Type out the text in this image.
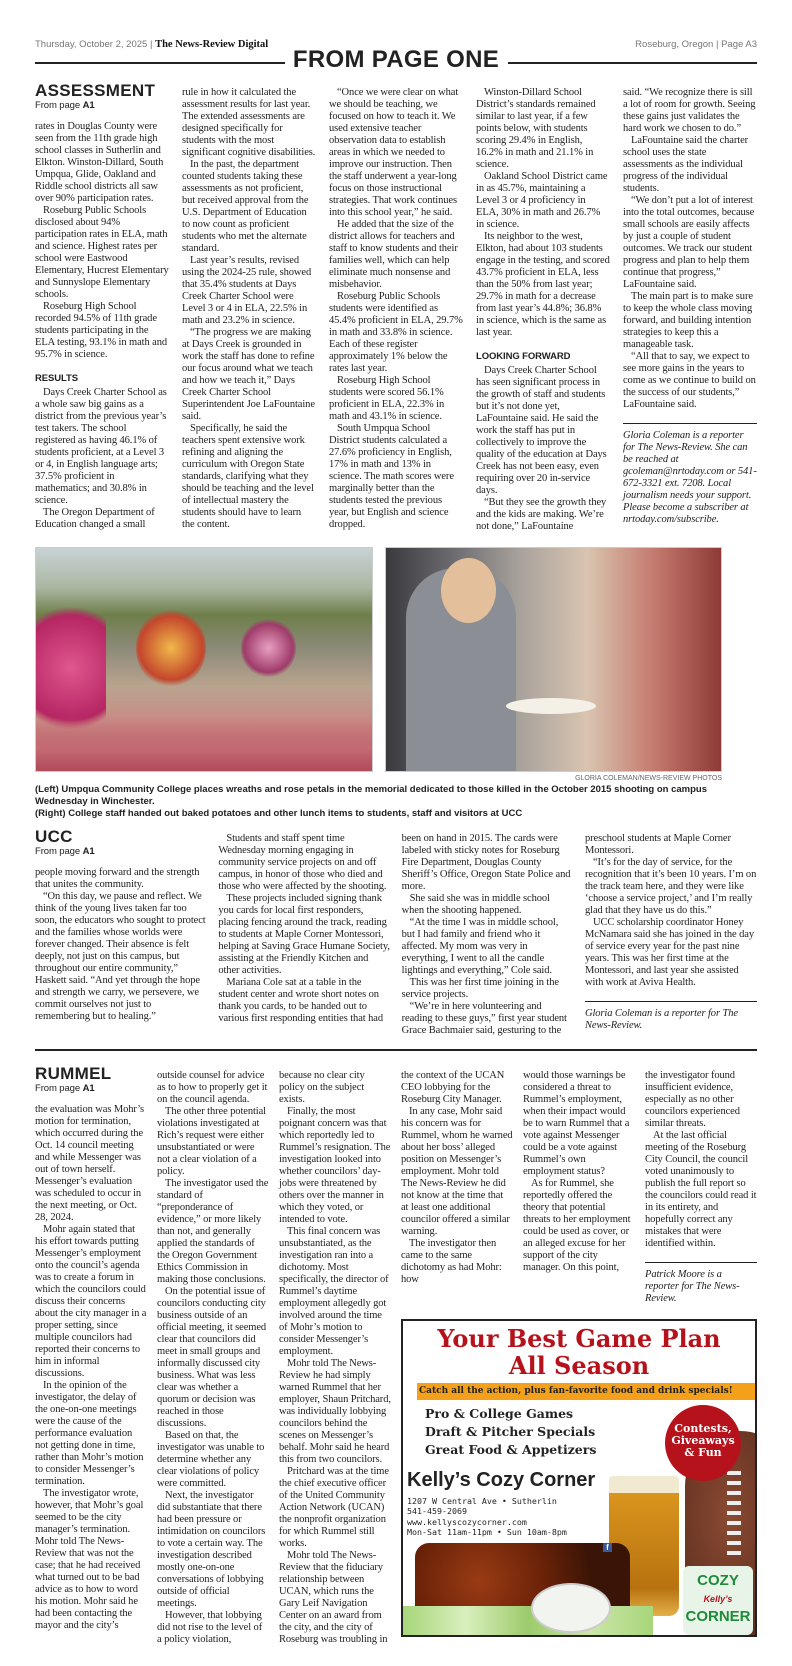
Thursday, October 2, 2025 | The News-Review Digital	Roseburg, Oregon | Page A3
FROM PAGE ONE
ASSESSMENT
From page A1

rates in Douglas County were seen from the 11th grade high school classes in Sutherlin and Elkton. Winston-Dillard, South Umpqua, Glide, Oakland and Riddle school districts all saw over 90% participation rates.

Roseburg Public Schools disclosed about 94% participation rates in ELA, math and science. Highest rates per school were Eastwood Elementary, Hucrest Elementary and Sunnyslope Elementary schools.

Roseburg High School recorded 94.5% of 11th grade students participating in the ELA testing, 93.1% in math and 95.7% in science.

RESULTS

Days Creek Charter School as a whole saw big gains as a district from the previous year’s test takers. The school registered as having 46.1% of students proficient, at a Level 3 or 4, in English language arts; 37.5% proficient in mathematics; and 30.8% in science.

The Oregon Department of Education changed a small

rule in how it calculated the assessment results for last year. The extended assessments are designed specifically for students with the most significant cognitive disabilities.

In the past, the department counted students taking these assessments as not proficient, but received approval from the U.S. Department of Education to now count as proficient students who met the alternate standard.

Last year’s results, revised using the 2024-25 rule, showed that 35.4% students at Days Creek Charter School were Level 3 or 4 in ELA, 22.5% in math and 23.2% in science.

“The progress we are making at Days Creek is grounded in work the staff has done to refine our focus around what we teach and how we teach it,” Days Creek Charter School Superintendent Joe LaFountaine said.

Specifically, he said the teachers spent extensive work refining and aligning the curriculum with Oregon State standards, clarifying what they should be teaching and the level of intellectual mastery the students should have to learn the content.

“Once we were clear on what we should be teaching, we focused on how to teach it. We used extensive teacher observation data to establish areas in which we needed to improve our instruction. Then the staff underwent a year-long focus on those instructional strategies. That work continues into this school year,” he said.

He added that the size of the district allows for teachers and staff to know students and their families well, which can help eliminate much nonsense and misbehavior.

Roseburg Public Schools students were identified as 45.4% proficient in ELA, 29.7% in math and 33.8% in science. Each of these register approximately 1% below the rates last year.

Roseburg High School students were scored 56.1% proficient in ELA, 22.3% in math and 43.1% in science.

South Umpqua School District students calculated a 27.6% proficiency in English, 17% in math and 13% in science. The math scores were marginally better than the students tested the previous year, but English and science dropped.

Winston-Dillard School District’s standards remained similar to last year, if a few points below, with students scoring 29.4% in English, 16.2% in math and 21.1% in science.

Oakland School District came in as 45.7%, maintaining a Level 3 or 4 proficiency in ELA, 30% in math and 26.7% in science.

Its neighbor to the west, Elkton, had about 103 students engage in the testing, and scored 43.7% proficient in ELA, less than the 50% from last year; 29.7% in math for a decrease from last year’s 44.8%; 36.8% in science, which is the same as last year.

LOOKING FORWARD

Days Creek Charter School has seen significant process in the growth of staff and students but it’s not done yet, LaFountaine said. He said the work the staff has put in collectively to improve the quality of the education at Days Creek has not been easy, even requiring over 20 in-service days.

“But they see the growth they and the kids are making. We’re not done,” LaFountaine

said. “We recognize there is sill a lot of room for growth. Seeing these gains just validates the hard work we chosen to do.”

LaFountaine said the charter school uses the state assessments as the individual progress of the individual students.

“We don’t put a lot of interest into the total outcomes, because small schools are easily affects by just a couple of student outcomes. We track our student progress and plan to help them continue that progress,” LaFountaine said.

The main part is to make sure to keep the whole class moving forward, and building intention strategies to keep this a manageable task.

“All that to say, we expect to see more gains in the years to come as we continue to build on the success of our students,” LaFountaine said.

Gloria Coleman is a reporter for The News-Review. She can be reached at gcoleman@nrtoday.com or 541-672-3321 ext. 7208. Local journalism needs your support. Please become a subscriber at nrtoday.com/subscribe.
GLORIA COLEMAN/NEWS-REVIEW PHOTOS
(Left) Umpqua Community College places wreaths and rose petals in the memorial dedicated to those killed in the October 2015 shooting on campus Wednesday in Winchester.
(Right) College staff handed out baked potatoes and other lunch items to students, staff and visitors at UCC
UCC
From page A1

people moving forward and the strength that unites the community.

“On this day, we pause and reflect. We think of the young lives taken far too soon, the educators who sought to protect and the families whose worlds were forever changed. Their absence is felt deeply, not just on this campus, but throughout our entire community,” Haskett said. “And yet through the hope and strength we carry, we persevere, we commit ourselves not just to remembering but to healing.”

Students and staff spent time Wednesday morning engaging in community service projects on and off campus, in honor of those who died and those who were affected by the shooting.

These projects included signing thank you cards for local first responders, placing fencing around the track, reading to students at Maple Corner Montessori, helping at Saving Grace Humane Society, assisting at the Friendly Kitchen and other activities.

Mariana Cole sat at a table in the student center and wrote short notes on thank you cards, to be handed out to various first responding entities that had

been on hand in 2015. The cards were labeled with sticky notes for Roseburg Fire Department, Douglas County Sheriff’s Office, Oregon State Police and more.

She said she was in middle school when the shooting happened.

“At the time I was in middle school, but I had family and friend who it affected. My mom was very in everything, I went to all the candle lightings and everything,” Cole said.

This was her first time joining in the service projects.

“We’re in here volunteering and reading to these guys,” first year student Grace Bachmaier said, gesturing to the

preschool students at Maple Corner Montessori.

“It’s for the day of service, for the recognition that it’s been 10 years. I’m on the track team here, and they were like ‘choose a service project,’ and I’m really glad that they have us do this.”

UCC scholarship coordinator Honey McNamara said she has joined in the day of service every year for the past nine years. This was her first time at the Montessori, and last year she assisted with work at Aviva Health.

Gloria Coleman is a reporter for The News-Review.
RUMMEL
From page A1

the evaluation was Mohr’s motion for termination, which occurred during the Oct. 14 council meeting and while Messenger was out of town herself. Messenger’s evaluation was scheduled to occur in the next meeting, or Oct. 28, 2024.

Mohr again stated that his effort towards putting Messenger’s employment onto the council’s agenda was to create a forum in which the councilors could discuss their concerns about the city manager in a proper setting, since multiple councilors had reported their concerns to him in informal discussions.

In the opinion of the investigator, the delay of the one-on-one meetings were the cause of the performance evaluation not getting done in time, rather than Mohr’s motion to consider Messenger’s termination.

The investigator wrote, however, that Mohr’s goal seemed to be the city manager’s termination. Mohr told The News-Review that was not the case; that he had received what turned out to be bad advice as to how to word his motion. Mohr said he had been contacting the mayor and the city’s

outside counsel for advice as to how to properly get it on the council agenda.

The other three potential violations investigated at Rich’s request were either unsubstantiated or were not a clear violation of a policy.

The investigator used the standard of “preponderance of evidence,” or more likely than not, and generally applied the standards of the Oregon Government Ethics Commission in making those conclusions.

On the potential issue of councilors conducting city business outside of an official meeting, it seemed clear that councilors did meet in small groups and informally discussed city business. What was less clear was whether a quorum or decision was reached in those discussions.

Based on that, the investigator was unable to determine whether any clear violations of policy were committed.

Next, the investigator did substantiate that there had been pressure or intimidation on councilors to vote a certain way. The investigation described mostly one-on-one conversations of lobbying outside of official meetings.

However, that lobbying did not rise to the level of a policy violation,

because no clear city policy on the subject exists.

Finally, the most poignant concern was that which reportedly led to Rummel’s resignation. The investigation looked into whether councilors’ day-jobs were threatened by others over the manner in which they voted, or intended to vote.

This final concern was unsubstantiated, as the investigation ran into a dichotomy. Most specifically, the director of Rummel’s daytime employment allegedly got involved around the time of Mohr’s motion to consider Messenger’s employment.

Mohr told The News-Review he had simply warned Rummel that her employer, Shaun Pritchard, was individually lobbying councilors behind the scenes on Messenger’s behalf. Mohr said he heard this from two councilors.

Pritchard was at the time the chief executive officer of the United Community Action Network (UCAN) the nonprofit organization for which Rummel still works.

Mohr told The News-Review that the fiduciary relationship between UCAN, which runs the Gary Leif Navigation Center on an award from the city, and the city of Roseburg was troubling in

the context of the UCAN CEO lobbying for the Roseburg City Manager.

In any case, Mohr said his concern was for Rummel, whom he warned about her boss’ alleged position on Messenger’s employment. Mohr told The News-Review he did not know at the time that at least one additional councilor offered a similar warning.

The investigator then came to the same dichotomy as had Mohr: how

would those warnings be considered a threat to Rummel’s employment, when their impact would be to warn Rummel that a vote against Messenger could be a vote against Rummel’s own employment status?

As for Rummel, she reportedly offered the theory that potential threats to her employment could be used as cover, or an alleged excuse for her support of the city manager. On this point,

the investigator found insufficient evidence, especially as no other councilors experienced similar threats.

At the last official meeting of the Roseburg City Council, the council voted unanimously to publish the full report so the councilors could read it in its entirety, and hopefully correct any mistakes that were identified within.

Patrick Moore is a reporter for The News-Review.
Your Best Game Plan
All Season
Catch all the action, plus fan-favorite food and drink specials!
Pro & College Games
Draft & Pitcher Specials
Great Food & Appetizers
Contests,
Giveaways
& Fun
Kelly’s Cozy Corner
1207 W Central Ave • Sutherlin
541-459-2069
www.kellyscozycorner.com
Mon-Sat 11am-11pm • Sun 10am-8pm
f
COZY
Kelly’s
CORNER
